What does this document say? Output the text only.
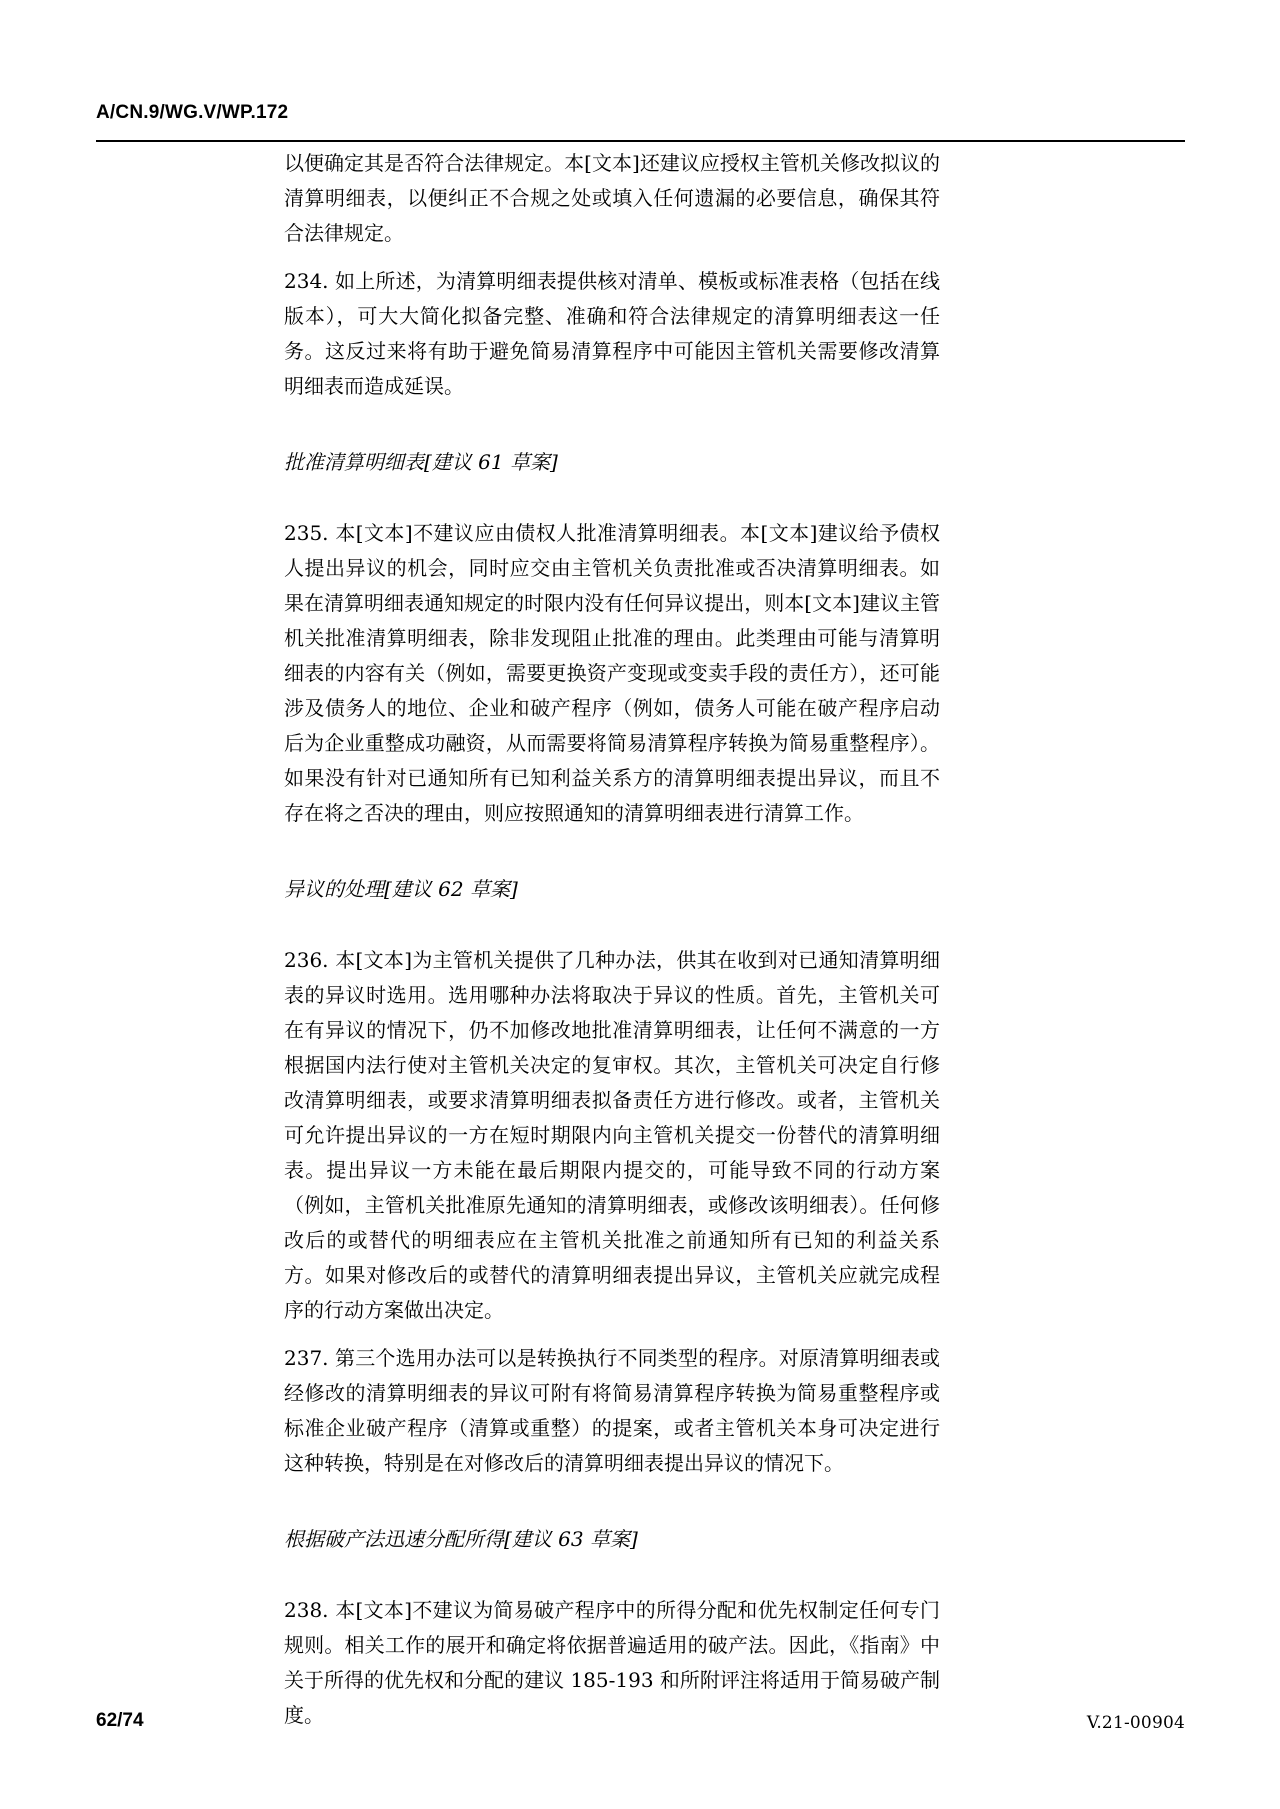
A/CN.9/WG.V/WP.172

以便确定其是否符合法律规定。本[文本]还建议应授权主管机关修改拟议的清算明细表，以便纠正不合规之处或填入任何遗漏的必要信息，确保其符合法律规定。

234. 如上所述，为清算明细表提供核对清单、模板或标准表格（包括在线版本），可大大简化拟备完整、准确和符合法律规定的清算明细表这一任务。这反过来将有助于避免简易清算程序中可能因主管机关需要修改清算明细表而造成延误。

批准清算明细表[建议 61 草案]

235. 本[文本]不建议应由债权人批准清算明细表。本[文本]建议给予债权人提出异议的机会，同时应交由主管机关负责批准或否决清算明细表。如果在清算明细表通知规定的时限内没有任何异议提出，则本[文本]建议主管机关批准清算明细表，除非发现阻止批准的理由。此类理由可能与清算明细表的内容有关（例如，需要更换资产变现或变卖手段的责任方），还可能涉及债务人的地位、企业和破产程序（例如，债务人可能在破产程序启动后为企业重整成功融资，从而需要将简易清算程序转换为简易重整程序）。如果没有针对已通知所有已知利益关系方的清算明细表提出异议，而且不存在将之否决的理由，则应按照通知的清算明细表进行清算工作。

异议的处理[建议 62 草案]

236. 本[文本]为主管机关提供了几种办法，供其在收到对已通知清算明细表的异议时选用。选用哪种办法将取决于异议的性质。首先，主管机关可在有异议的情况下，仍不加修改地批准清算明细表，让任何不满意的一方根据国内法行使对主管机关决定的复审权。其次，主管机关可决定自行修改清算明细表，或要求清算明细表拟备责任方进行修改。或者，主管机关可允许提出异议的一方在短时期限内向主管机关提交一份替代的清算明细表。提出异议一方未能在最后期限内提交的，可能导致不同的行动方案（例如，主管机关批准原先通知的清算明细表，或修改该明细表）。任何修改后的或替代的明细表应在主管机关批准之前通知所有已知的利益关系方。如果对修改后的或替代的清算明细表提出异议，主管机关应就完成程序的行动方案做出决定。

237. 第三个选用办法可以是转换执行不同类型的程序。对原清算明细表或经修改的清算明细表的异议可附有将简易清算程序转换为简易重整程序或标准企业破产程序（清算或重整）的提案，或者主管机关本身可决定进行这种转换，特别是在对修改后的清算明细表提出异议的情况下。

根据破产法迅速分配所得[建议 63 草案]

238. 本[文本]不建议为简易破产程序中的所得分配和优先权制定任何专门规则。相关工作的展开和确定将依据普遍适用的破产法。因此，《指南》中关于所得的优先权和分配的建议 185-193 和所附评注将适用于简易破产制度。

62/74	V.21-00904
